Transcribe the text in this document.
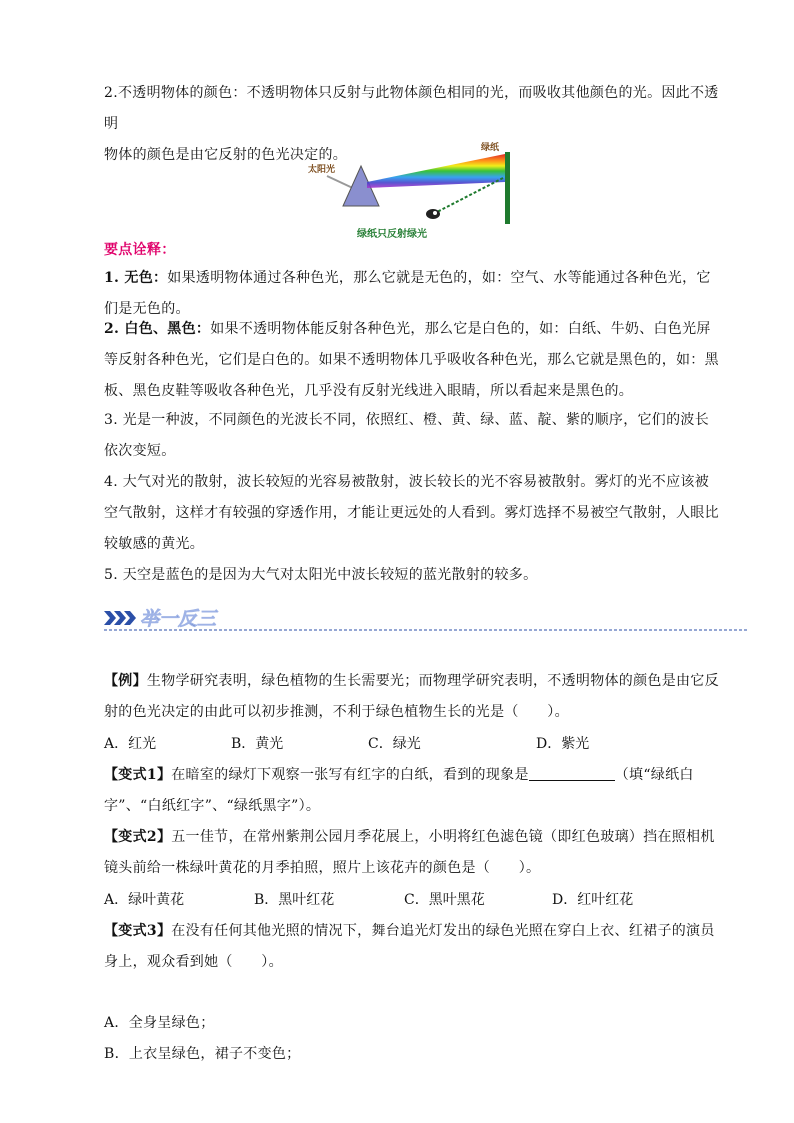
2.不透明物体的颜色：不透明物体只反射与此物体颜色相同的光，而吸收其他颜色的光。因此不透明
物体的颜色是由它反射的色光决定的。
太阳光
绿纸
绿纸只反射绿光
要点诠释：
1. 无色：如果透明物体通过各种色光，那么它就是无色的，如：空气、水等能通过各种色光，它们是无色的。
2. 白色、黑色：如果不透明物体能反射各种色光，那么它是白色的，如：白纸、牛奶、白色光屏等反射各种色光，它们是白色的。如果不透明物体几乎吸收各种色光，那么它就是黑色的，如：黑板、黑色皮鞋等吸收各种色光，几乎没有反射光线进入眼睛，所以看起来是黑色的。
3. 光是一种波，不同颜色的光波长不同，依照红、橙、黄、绿、蓝、靛、紫的顺序，它们的波长依次变短。
4. 大气对光的散射，波长较短的光容易被散射，波长较长的光不容易被散射。雾灯的光不应该被空气散射，这样才有较强的穿透作用，才能让更远处的人看到。雾灯选择不易被空气散射，人眼比较敏感的黄光。
5. 天空是蓝色的是因为大气对太阳光中波长较短的蓝光散射的较多。
举一反三
【例】生物学研究表明，绿色植物的生长需要光；而物理学研究表明，不透明物体的颜色是由它反射的色光决定的由此可以初步推测，不利于绿色植物生长的光是（　　）。
A．红光	B．黄光	C．绿光	D．紫光
【变式1】在暗室的绿灯下观察一张写有红字的白纸，看到的现象是	（填“绿纸白字”、“白纸红字”、“绿纸黑字”）。
【变式2】五一佳节，在常州紫荆公园月季花展上，小明将红色滤色镜（即红色玻璃）挡在照相机镜头前给一株绿叶黄花的月季拍照，照片上该花卉的颜色是（　　）。
A．绿叶黄花	B．黑叶红花	C．黑叶黑花	D．红叶红花
【变式3】在没有任何其他光照的情况下，舞台追光灯发出的绿色光照在穿白上衣、红裙子的演员身上，观众看到她（　　）。
A．全身呈绿色；
B．上衣呈绿色，裙子不变色；
